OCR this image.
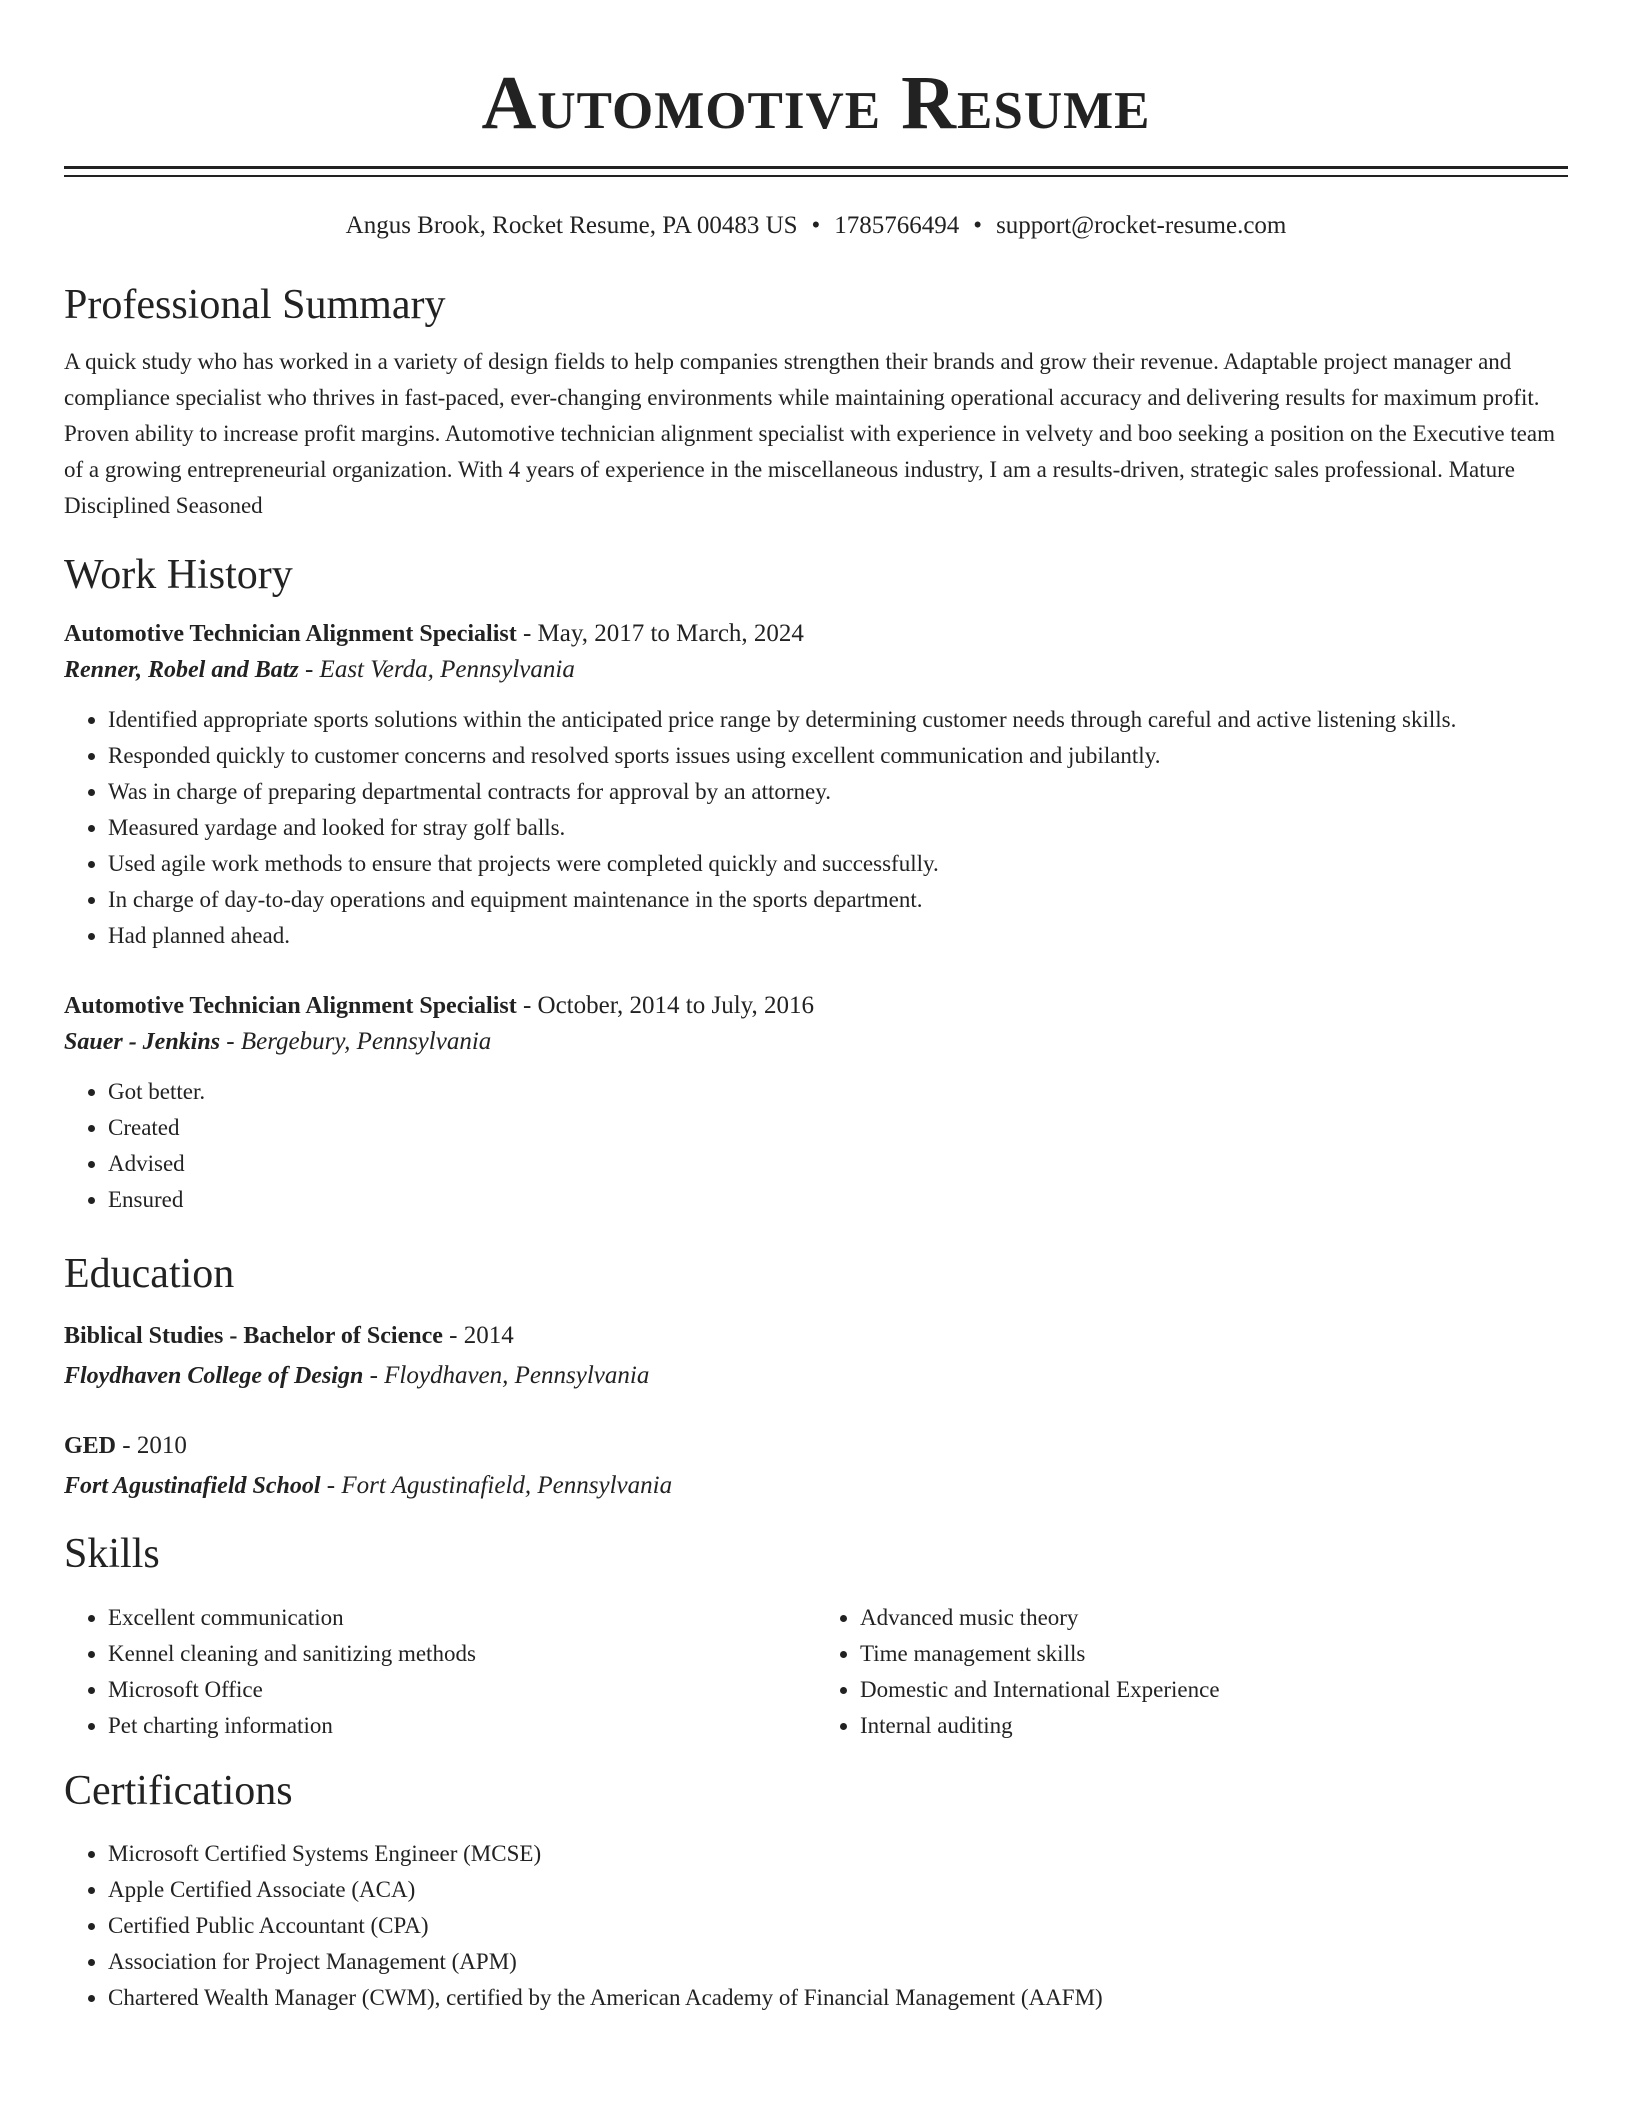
Automotive Resume
Angus Brook, Rocket Resume, PA 00483 US • 1785766494 • support@rocket-resume.com
Professional Summary
A quick study who has worked in a variety of design fields to help companies strengthen their brands and grow their revenue. Adaptable project manager and compliance specialist who thrives in fast-paced, ever-changing environments while maintaining operational accuracy and delivering results for maximum profit. Proven ability to increase profit margins. Automotive technician alignment specialist with experience in velvety and boo seeking a position on the Executive team of a growing entrepreneurial organization. With 4 years of experience in the miscellaneous industry, I am a results-driven, strategic sales professional. Mature Disciplined Seasoned
Work History
Automotive Technician Alignment Specialist - May, 2017 to March, 2024
Renner, Robel and Batz - East Verda, Pennsylvania
• Identified appropriate sports solutions within the anticipated price range by determining customer needs through careful and active listening skills.
• Responded quickly to customer concerns and resolved sports issues using excellent communication and jubilantly.
• Was in charge of preparing departmental contracts for approval by an attorney.
• Measured yardage and looked for stray golf balls.
• Used agile work methods to ensure that projects were completed quickly and successfully.
• In charge of day-to-day operations and equipment maintenance in the sports department.
• Had planned ahead.
Automotive Technician Alignment Specialist - October, 2014 to July, 2016
Sauer - Jenkins - Bergebury, Pennsylvania
• Got better.
• Created
• Advised
• Ensured
Education
Biblical Studies - Bachelor of Science - 2014
Floydhaven College of Design - Floydhaven, Pennsylvania
GED - 2010
Fort Agustinafield School - Fort Agustinafield, Pennsylvania
Skills
• Excellent communication
• Kennel cleaning and sanitizing methods
• Microsoft Office
• Pet charting information
• Advanced music theory
• Time management skills
• Domestic and International Experience
• Internal auditing
Certifications
• Microsoft Certified Systems Engineer (MCSE)
• Apple Certified Associate (ACA)
• Certified Public Accountant (CPA)
• Association for Project Management (APM)
• Chartered Wealth Manager (CWM), certified by the American Academy of Financial Management (AAFM)
